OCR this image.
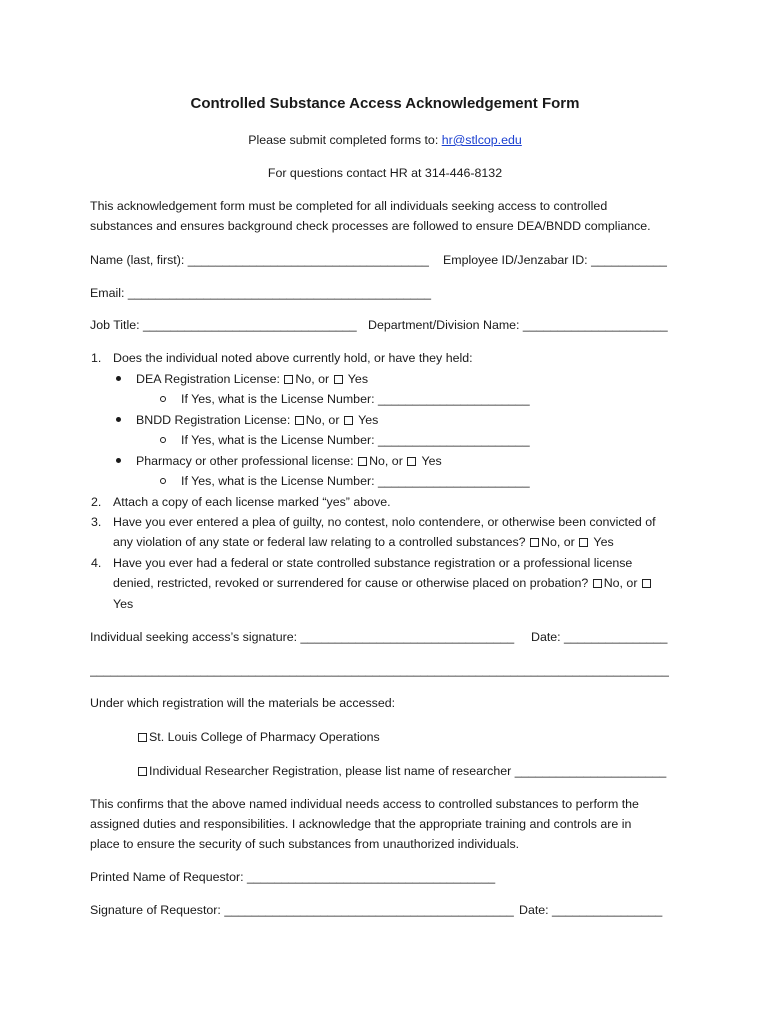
Controlled Substance Access Acknowledgement Form
Please submit completed forms to: hr@stlcop.edu
For questions contact HR at 314-446-8132
This acknowledgement form must be completed for all individuals seeking access to controlled
substances and ensures background check processes are followed to ensure DEA/BNDD compliance.
Name (last, first): ___________________________________ Employee ID/Jenzabar ID: ___________
Email: ____________________________________________
Job Title: _______________________________ Department/Division Name: _____________________
1. Does the individual noted above currently hold, or have they held:
DEA Registration License: No, or  Yes
If Yes, what is the License Number: ______________________
BNDD Registration License: No, or  Yes
If Yes, what is the License Number: ______________________
Pharmacy or other professional license: No, or  Yes
If Yes, what is the License Number: ______________________
2. Attach a copy of each license marked “yes” above.
3. Have you ever entered a plea of guilty, no contest, nolo contendere, or otherwise been convicted of
any violation of any state or federal law relating to a controlled substances? No, or  Yes
4. Have you ever had a federal or state controlled substance registration or a professional license
denied, restricted, revoked or surrendered for cause or otherwise placed on probation? No, or
Yes
Individual seeking access’s signature: _______________________________ Date: _______________
____________________________________________________________________________________
Under which registration will the materials be accessed:
St. Louis College of Pharmacy Operations
Individual Researcher Registration, please list name of researcher ______________________
This confirms that the above named individual needs access to controlled substances to perform the
assigned duties and responsibilities. I acknowledge that the appropriate training and controls are in
place to ensure the security of such substances from unauthorized individuals.
Printed Name of Requestor: ____________________________________
Signature of Requestor: __________________________________________ Date: ________________
